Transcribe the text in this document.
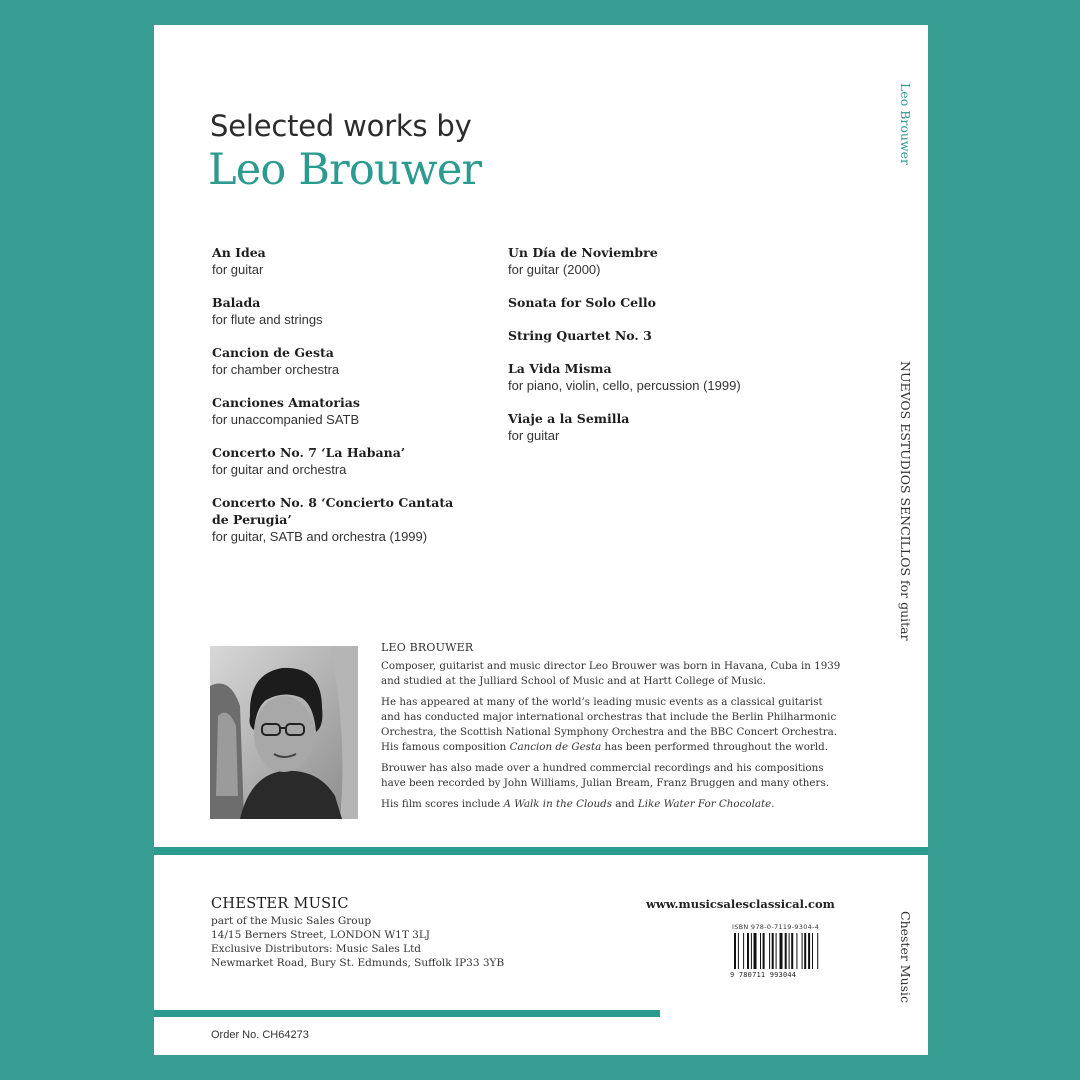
Selected works by
Leo Brouwer
An Idea
for guitar
Balada
for flute and strings
Cancion de Gesta
for chamber orchestra
Canciones Amatorias
for unaccompanied SATB
Concerto No. 7 ‘La Habana’
for guitar and orchestra
Concerto No. 8 ‘Concierto Cantata de Perugia’
for guitar, SATB and orchestra (1999)
Un Día de Noviembre
for guitar (2000)
Sonata for Solo Cello
String Quartet No. 3
La Vida Misma
for piano, violin, cello, percussion (1999)
Viaje a la Semilla
for guitar
Leo Brouwer
NUEVOS ESTUDIOS SENCILLOS for guitar
Chester Music
LEO BROUWER

Composer, guitarist and music director Leo Brouwer was born in Havana, Cuba in 1939 and studied at the Julliard School of Music and at Hartt College of Music.

He has appeared at many of the world’s leading music events as a classical guitarist and has conducted major international orchestras that include the Berlin Philharmonic Orchestra, the Scottish National Symphony Orchestra and the BBC Concert Orchestra. His famous composition Cancion de Gesta has been performed throughout the world.

Brouwer has also made over a hundred commercial recordings and his compositions have been recorded by John Williams, Julian Bream, Franz Bruggen and many others.

His film scores include A Walk in the Clouds and Like Water For Chocolate.

CHESTER MUSIC
part of the Music Sales Group
14/15 Berners Street, LONDON W1T 3LJ
Exclusive Distributors: Music Sales Ltd
Newmarket Road, Bury St. Edmunds, Suffolk IP33 3YB
www.musicsalesclassical.com
ISBN 978-0-7119-9304-4
9 780711 993044
Order No. CH64273
